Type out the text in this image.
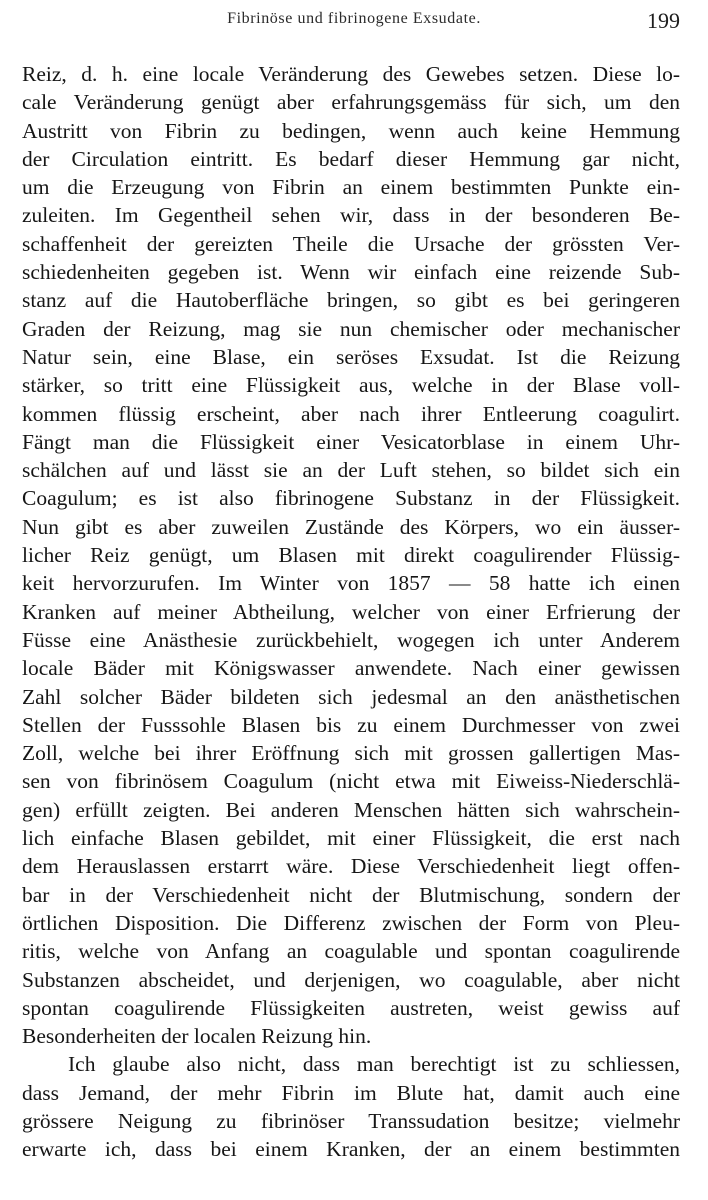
Fibrinöse und fibrinogene Exsudate.	199
Reiz, d. h. eine locale Veränderung des Gewebes setzen. Diese lo-
cale Veränderung genügt aber erfahrungsgemäss für sich, um den
Austritt von Fibrin zu bedingen, wenn auch keine Hemmung
der Circulation eintritt. Es bedarf dieser Hemmung gar nicht,
um die Erzeugung von Fibrin an einem bestimmten Punkte ein-
zuleiten. Im Gegentheil sehen wir, dass in der besonderen Be-
schaffenheit der gereizten Theile die Ursache der grössten Ver-
schiedenheiten gegeben ist. Wenn wir einfach eine reizende Sub-
stanz auf die Hautoberfläche bringen, so gibt es bei geringeren
Graden der Reizung, mag sie nun chemischer oder mechanischer
Natur sein, eine Blase, ein seröses Exsudat. Ist die Reizung
stärker, so tritt eine Flüssigkeit aus, welche in der Blase voll-
kommen flüssig erscheint, aber nach ihrer Entleerung coagulirt.
Fängt man die Flüssigkeit einer Vesicatorblase in einem Uhr-
schälchen auf und lässt sie an der Luft stehen, so bildet sich ein
Coagulum; es ist also fibrinogene Substanz in der Flüssigkeit.
Nun gibt es aber zuweilen Zustände des Körpers, wo ein äusser-
licher Reiz genügt, um Blasen mit direkt coagulirender Flüssig-
keit hervorzurufen. Im Winter von 1857 — 58 hatte ich einen
Kranken auf meiner Abtheilung, welcher von einer Erfrierung der
Füsse eine Anästhesie zurückbehielt, wogegen ich unter Anderem
locale Bäder mit Königswasser anwendete. Nach einer gewissen
Zahl solcher Bäder bildeten sich jedesmal an den anästhetischen
Stellen der Fusssohle Blasen bis zu einem Durchmesser von zwei
Zoll, welche bei ihrer Eröffnung sich mit grossen gallertigen Mas-
sen von fibrinösem Coagulum (nicht etwa mit Eiweiss-Niederschlä-
gen) erfüllt zeigten. Bei anderen Menschen hätten sich wahrschein-
lich einfache Blasen gebildet, mit einer Flüssigkeit, die erst nach
dem Herauslassen erstarrt wäre. Diese Verschiedenheit liegt offen-
bar in der Verschiedenheit nicht der Blutmischung, sondern der
örtlichen Disposition. Die Differenz zwischen der Form von Pleu-
ritis, welche von Anfang an coagulable und spontan coagulirende
Substanzen abscheidet, und derjenigen, wo coagulable, aber nicht
spontan coagulirende Flüssigkeiten austreten, weist gewiss auf
Besonderheiten der localen Reizung hin.
Ich glaube also nicht, dass man berechtigt ist zu schliessen,
dass Jemand, der mehr Fibrin im Blute hat, damit auch eine
grössere Neigung zu fibrinöser Transsudation besitze; vielmehr
erwarte ich, dass bei einem Kranken, der an einem bestimmten
